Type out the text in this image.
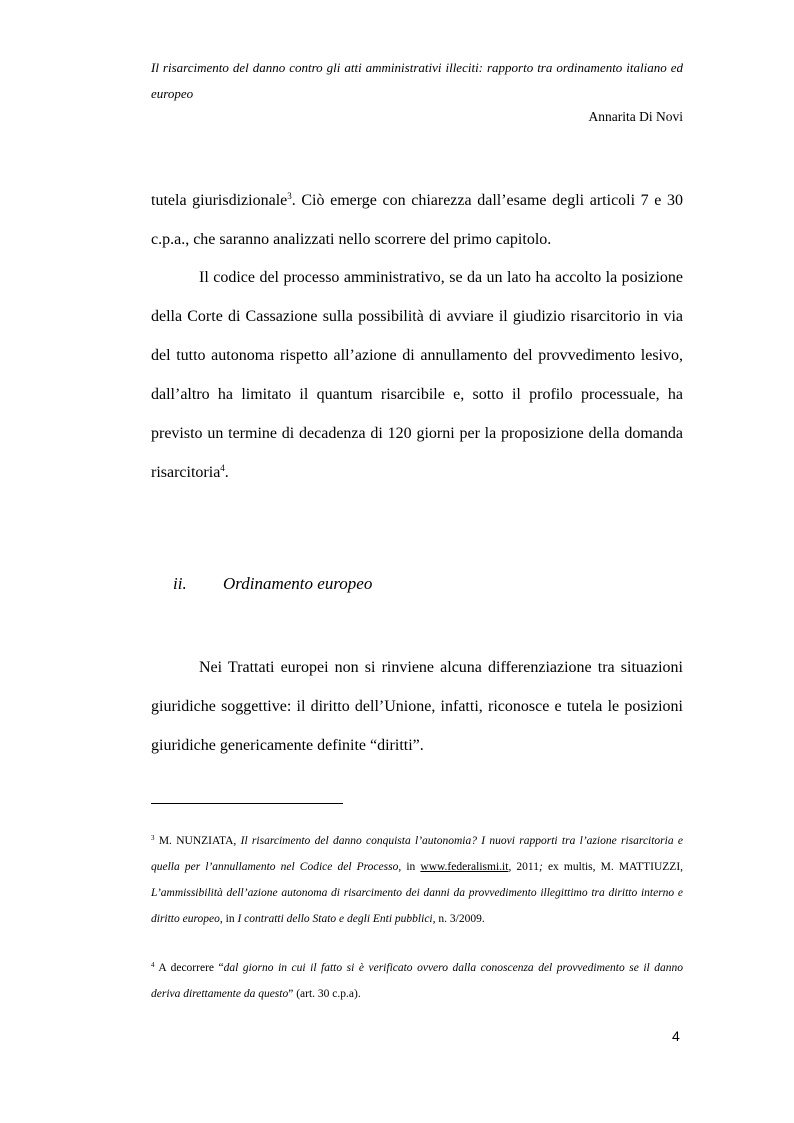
Il risarcimento del danno contro gli atti amministrativi illeciti: rapporto tra ordinamento italiano ed europeo
Annarita Di Novi
tutela giurisdizionale$^3$. Ciò emerge con chiarezza dall’esame degli articoli 7 e 30 c.p.a., che saranno analizzati nello scorrere del primo capitolo.
Il codice del processo amministrativo, se da un lato ha accolto la posizione della Corte di Cassazione sulla possibilità di avviare il giudizio risarcitorio in via del tutto autonoma rispetto all’azione di annullamento del provvedimento lesivo, dall’altro ha limitato il quantum risarcibile e, sotto il profilo processuale, ha previsto un termine di decadenza di 120 giorni per la proposizione della domanda risarcitoria$^4$.
ii. Ordinamento europeo
Nei Trattati europei non si rinviene alcuna differenziazione tra situazioni giuridiche soggettive: il diritto dell’Unione, infatti, riconosce e tutela le posizioni giuridiche genericamente definite “diritti”.
$^3$ M. NUNZIATA, Il risarcimento del danno conquista l’autonomia? I nuovi rapporti tra l’azione risarcitoria e quella per l’annullamento nel Codice del Processo, in www.federalismi.it, 2011; ex multis, M. MATTIUZZI, L’ammissibilità dell’azione autonoma di risarcimento dei danni da provvedimento illegittimo tra diritto interno e diritto europeo, in I contratti dello Stato e degli Enti pubblici, n. 3/2009.
$^4$ A decorrere “dal giorno in cui il fatto si è verificato ovvero dalla conoscenza del provvedimento se il danno deriva direttamente da questo” (art. 30 c.p.a).
4
